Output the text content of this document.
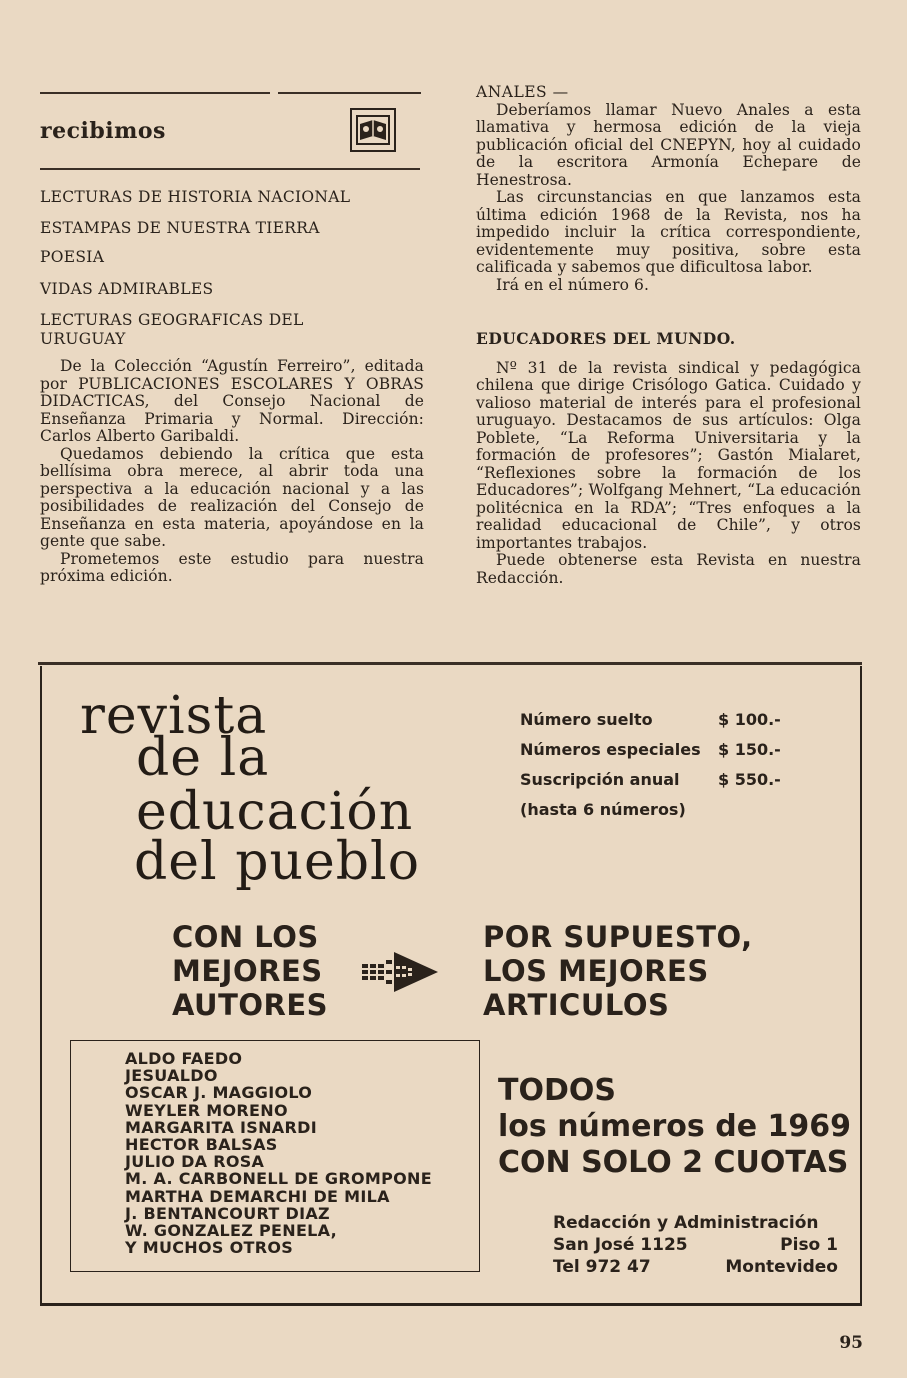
recibimos
LECTURAS DE HISTORIA NACIONAL
ESTAMPAS DE NUESTRA TIERRA
POESIA
VIDAS ADMIRABLES
LECTURAS GEOGRAFICAS DEL URUGUAY

De la Colección “Agustín Ferreiro”, editada por PUBLICACIONES ESCOLARES Y OBRAS DIDACTICAS, del Consejo Nacional de Enseñanza Primaria y Normal. Dirección: Carlos Alberto Garibaldi.

Quedamos debiendo la crítica que esta bellísima obra merece, al abrir toda una perspectiva a la educación nacional y a las posibilidades de realización del Consejo de Enseñanza en esta materia, apoyándose en la gente que sabe.

Prometemos este estudio para nuestra próxima edición.

ANALES —

Deberíamos llamar Nuevo Anales a esta llamativa y hermosa edición de la vieja publicación oficial del CNEPYN, hoy al cuidado de la escritora Armonía Echepare de Henestrosa.

Las circunstancias en que lanzamos esta última edición 1968 de la Revista, nos ha impedido incluir la crítica correspondiente, evidentemente muy positiva, sobre esta calificada y sabemos que dificultosa labor.

Irá en el número 6.

EDUCADORES DEL MUNDO.

Nº 31 de la revista sindical y pedagógica chilena que dirige Crisólogo Gatica. Cuidado y valioso material de interés para el profesional uruguayo. Destacamos de sus artículos: Olga Poblete, “La Reforma Universitaria y la formación de profesores”; Gastón Mialaret, “Reflexiones sobre la formación de los Educadores”; Wolfgang Mehnert, “La educación politécnica en la RDA”; “Tres enfoques a la realidad educacional de Chile”, y otros importantes trabajos.

Puede obtenerse esta Revista en nuestra Redacción.

revista
de la
educación
del pueblo
Número suelto	$ 100.-
Números especiales $ 150.-
Suscripción anual $ 550.-
(hasta 6 números)
CON LOS
MEJORES
AUTORES
POR SUPUESTO,
LOS MEJORES
ARTICULOS
ALDO FAEDO
JESUALDO
OSCAR J. MAGGIOLO
WEYLER MORENO
MARGARITA ISNARDI
HECTOR BALSAS
JULIO DA ROSA
M. A. CARBONELL DE GROMPONE
MARTHA DEMARCHI DE MILA
J. BENTANCOURT DIAZ
W. GONZALEZ PENELA,
Y MUCHOS OTROS
TODOS
los números de 1969
CON SOLO 2 CUOTAS
Redacción y Administración
San José 1125	Piso 1
Tel 972 47	Montevideo
95
